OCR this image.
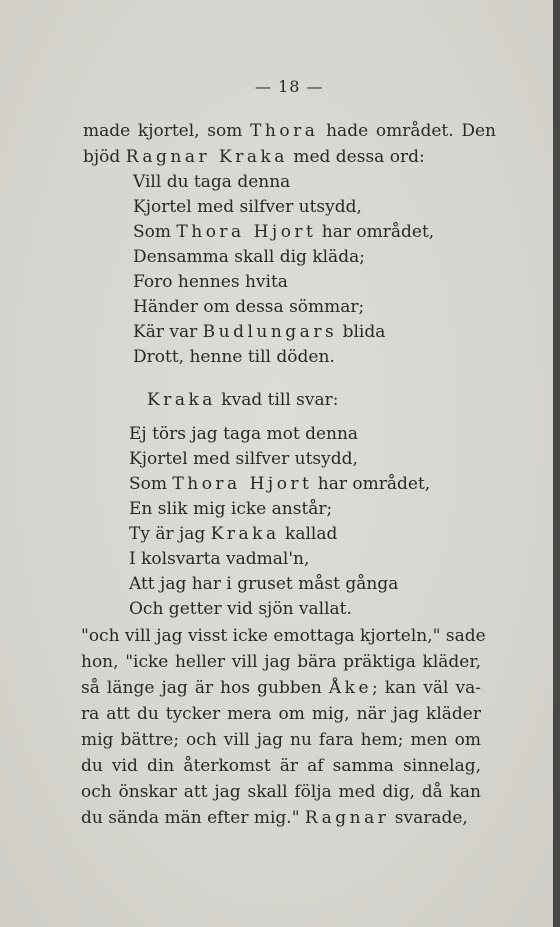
— 18 —
made kjortel, som Thora hade området. Den
bjöd Ragnar Kraka med dessa ord:
Vill du taga denna
Kjortel med silfver utsydd,
Som Thora Hjort har området,
Densamma skall dig kläda;
Foro hennes hvita
Händer om dessa sömmar;
Kär var Budlungars blida
Drott, henne till döden.
Kraka kvad till svar:
Ej törs jag taga mot denna
Kjortel med silfver utsydd,
Som Thora Hjort har området,
En slik mig icke anstår;
Ty är jag Kraka kallad
I kolsvarta vadmal'n,
Att jag har i gruset måst gånga
Och getter vid sjön vallat.
"och vill jag visst icke emottaga kjorteln," sade
hon, "icke heller vill jag bära präktiga kläder,
så länge jag är hos gubben Åke; kan väl va-
ra att du tycker mera om mig, när jag kläder
mig bättre; och vill jag nu fara hem; men om
du vid din återkomst är af samma sinnelag,
och önskar att jag skall följa med dig, då kan
du sända män efter mig." Ragnar svarade,
